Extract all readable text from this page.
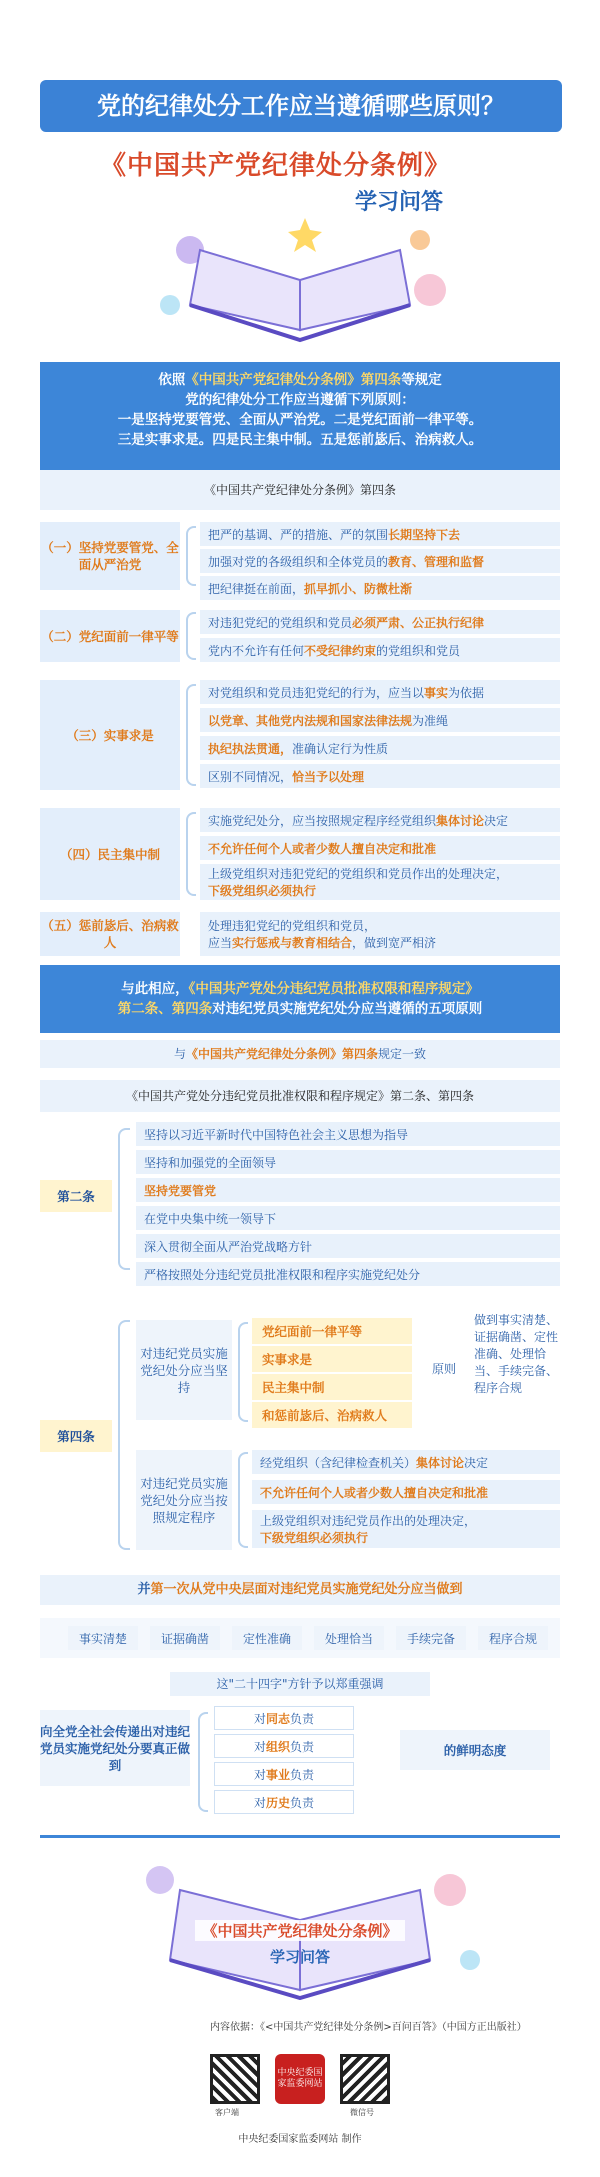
党的纪律处分工作应当遵循哪些原则？
《中国共产党纪律处分条例》
学习问答
依照《中国共产党纪律处分条例》第四条等规定
党的纪律处分工作应当遵循下列原则：
一是坚持党要管党、全面从严治党。二是党纪面前一律平等。
三是实事求是。四是民主集中制。五是惩前毖后、治病救人。
《中国共产党纪律处分条例》第四条
（一）坚持党要管党、全面从严治党
把严的基调、严的措施、严的氛围 长期坚持下去
加强对党的各级组织和全体党员的 教育、管理和监督
把纪律挺在前面， 抓早抓小、防微杜渐
（二）党纪面前一律平等
对违犯党纪的党组织和党员 必须严肃、公正执行纪律
党内不允许有任何 不受纪律约束 的党组织和党员
（三）实事求是
对党组织和党员违犯党纪的行为，应当以 事实 为依据
以党章、其他党内法规和国家法律法规 为准绳
执纪执法贯通， 准确认定行为性质
区别不同情况， 恰当予以处理
（四）民主集中制
实施党纪处分，应当按照规定程序经党组织 集体讨论 决定
不允许任何个人或者少数人 擅自决定和批准
上级党组织对违犯党纪的党组织和党员作出的处理决定，
下级党组织必须执行
（五）惩前毖后、治病救人
处理违犯党纪的党组织和党员，
应当实行惩戒与教育相结合，做到宽严相济
与此相应，《中国共产党处分违纪党员批准权限和程序规定》
第二条、第四条对违纪党员实施党纪处分应当遵循的五项原则
与《中国共产党纪律处分条例》第四条规定一致
《中国共产党处分违纪党员批准权限和程序规定》第二条、第四条
第二条
坚持以习近平新时代中国特色社会主义思想为指导
坚持和加强党的全面领导
坚持党要管党
在党中央集中统一领导下
深入贯彻全面从严治党战略方针
严格按照处分违纪党员批准权限和程序实施党纪处分
第四条
对违纪党员实施党纪处分应当坚持
党纪面前一律平等
实事求是
民主集中制
和惩前毖后、治病救人
原则
做到事实清楚、证据确凿、定性准确、处理恰当、手续完备、程序合规
对违纪党员实施党纪处分应当按照规定程序
经党组织（含纪律检查机关） 集体讨论 决定
不允许任何个人或者少数人 擅自决定和批准
上级党组织对违纪党员作出的处理决定，
下级党组织必须执行
并第一次从党中央层面对违纪党员实施党纪处分应当做到
事实清楚	证据确凿	定性准确	处理恰当	手续完备	程序合规
这"二十四字"方针予以郑重强调
向全党全社会传递出对违纪党员实施党纪处分要真正做到
对 同志 负责
对 组织 负责
对 事业 负责
对 历史 负责
的鲜明态度
《中国共产党纪律处分条例》
学习问答
内容依据：《<中国共产党纪律处分条例>百问百答》（中国方正出版社）
客户端
中央纪委国家监委网站
微信号
中央纪委国家监委网站 制作
